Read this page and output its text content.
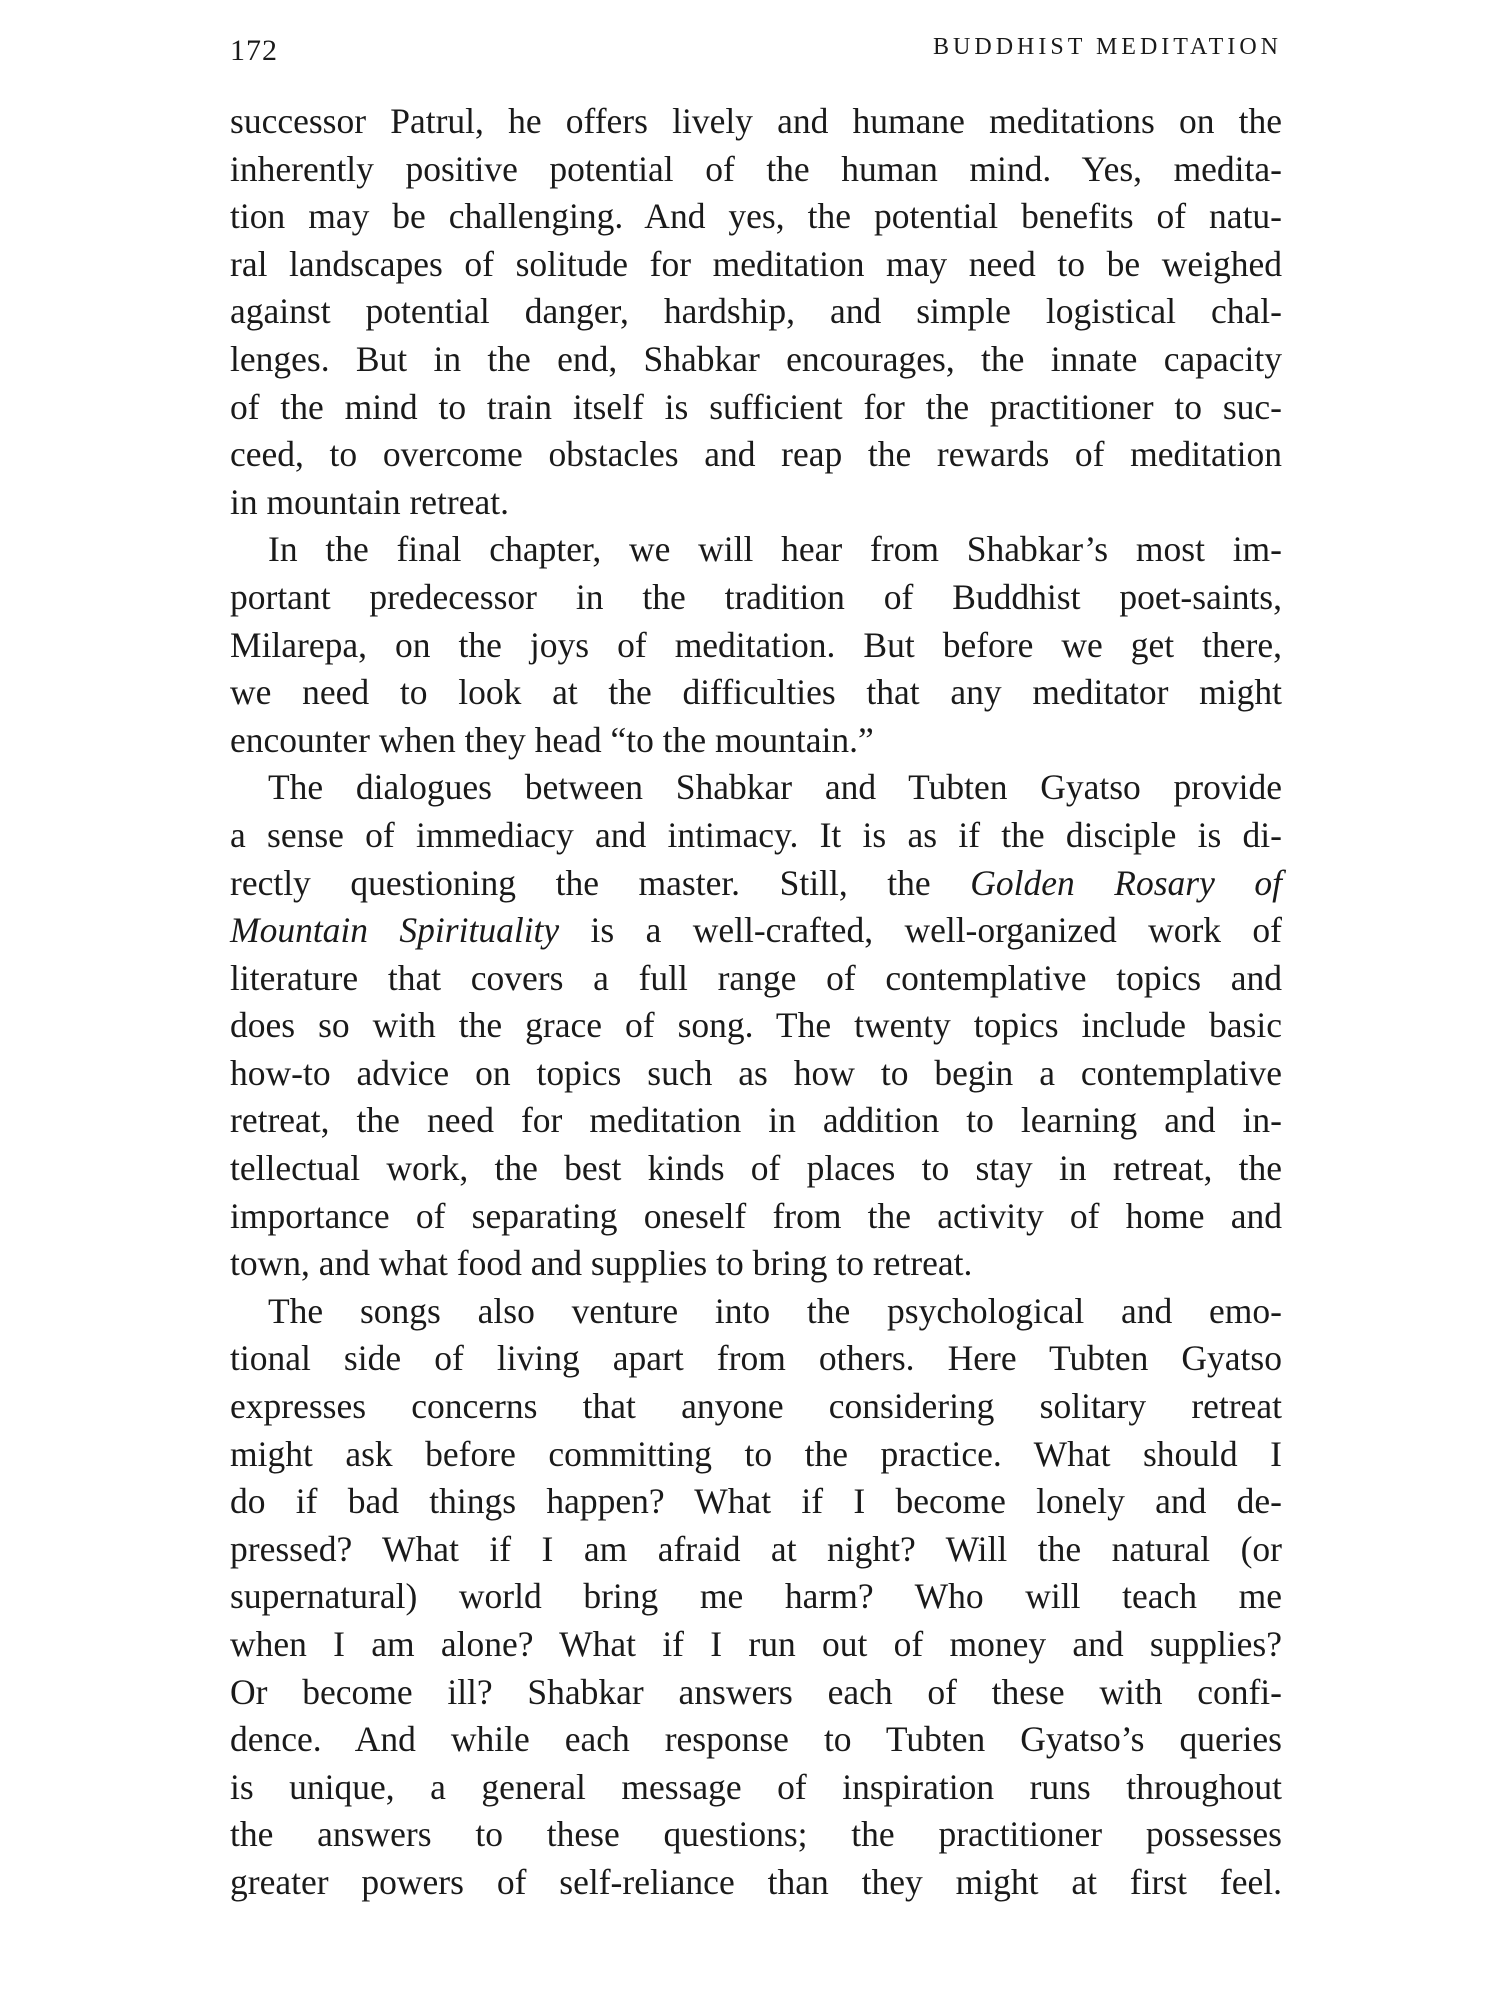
172	BUDDHIST MEDITATION
successor Patrul, he offers lively and humane meditations on the
inherently positive potential of the human mind. Yes, medita-
tion may be challenging. And yes, the potential benefits of natu-
ral landscapes of solitude for meditation may need to be weighed
against potential danger, hardship, and simple logistical chal-
lenges. But in the end, Shabkar encourages, the innate capacity
of the mind to train itself is sufficient for the practitioner to suc-
ceed, to overcome obstacles and reap the rewards of meditation
in mountain retreat.
In the final chapter, we will hear from Shabkar’s most im-
portant predecessor in the tradition of Buddhist poet-saints,
Milarepa, on the joys of meditation. But before we get there,
we need to look at the difficulties that any meditator might
encounter when they head “to the mountain.”
The dialogues between Shabkar and Tubten Gyatso provide
a sense of immediacy and intimacy. It is as if the disciple is di-
rectly questioning the master. Still, the Golden Rosary of
Mountain Spirituality is a well-crafted, well-organized work of
literature that covers a full range of contemplative topics and
does so with the grace of song. The twenty topics include basic
how-to advice on topics such as how to begin a contemplative
retreat, the need for meditation in addition to learning and in-
tellectual work, the best kinds of places to stay in retreat, the
importance of separating oneself from the activity of home and
town, and what food and supplies to bring to retreat.
The songs also venture into the psychological and emo-
tional side of living apart from others. Here Tubten Gyatso
expresses concerns that anyone considering solitary retreat
might ask before committing to the practice. What should I
do if bad things happen? What if I become lonely and de-
pressed? What if I am afraid at night? Will the natural (or
supernatural) world bring me harm? Who will teach me
when I am alone? What if I run out of money and supplies?
Or become ill? Shabkar answers each of these with confi-
dence. And while each response to Tubten Gyatso’s queries
is unique, a general message of inspiration runs throughout
the answers to these questions; the practitioner possesses
greater powers of self-reliance than they might at first feel.
